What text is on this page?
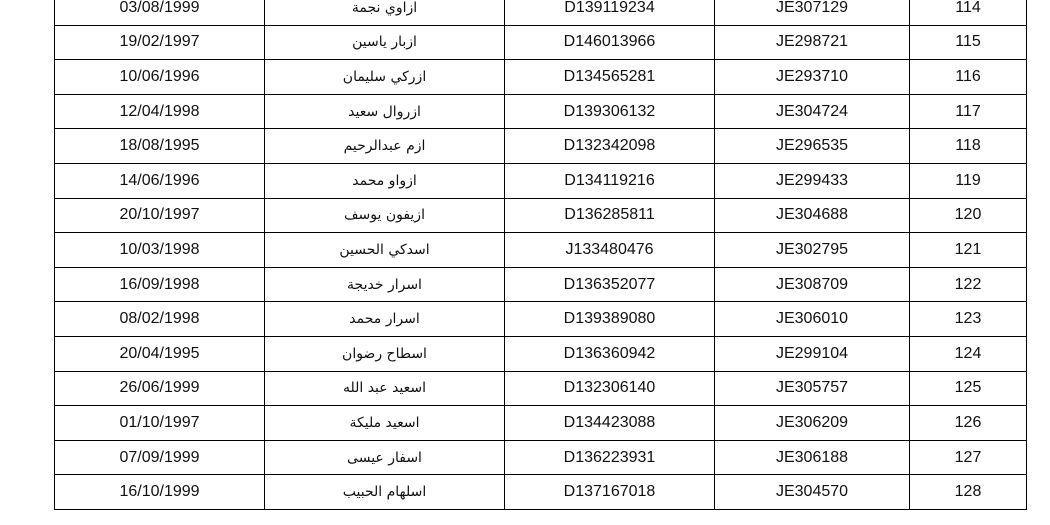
03/08/1999	ازاوي نجمة	D139119234	JE307129	114
19/02/1997	ازبار ياسين	D146013966	JE298721	115
10/06/1996	ازركي سليمان	D134565281	JE293710	116
12/04/1998	ازروال سعيد	D139306132	JE304724	117
18/08/1995	ازم عبدالرحيم	D132342098	JE296535	118
14/06/1996	ازواو محمد	D134119216	JE299433	119
20/10/1997	ازيفون يوسف	D136285811	JE304688	120
10/03/1998	اسدكي الحسين	J133480476	JE302795	121
16/09/1998	اسرار خديجة	D136352077	JE308709	122
08/02/1998	اسرار محمد	D139389080	JE306010	123
20/04/1995	اسطاح رضوان	D136360942	JE299104	124
26/06/1999	اسعيد عبد الله	D132306140	JE305757	125
01/10/1997	اسعيد مليكة	D134423088	JE306209	126
07/09/1999	اسفار عيسى	D136223931	JE306188	127
16/10/1999	اسلهام الحبيب	D137167018	JE304570	128
